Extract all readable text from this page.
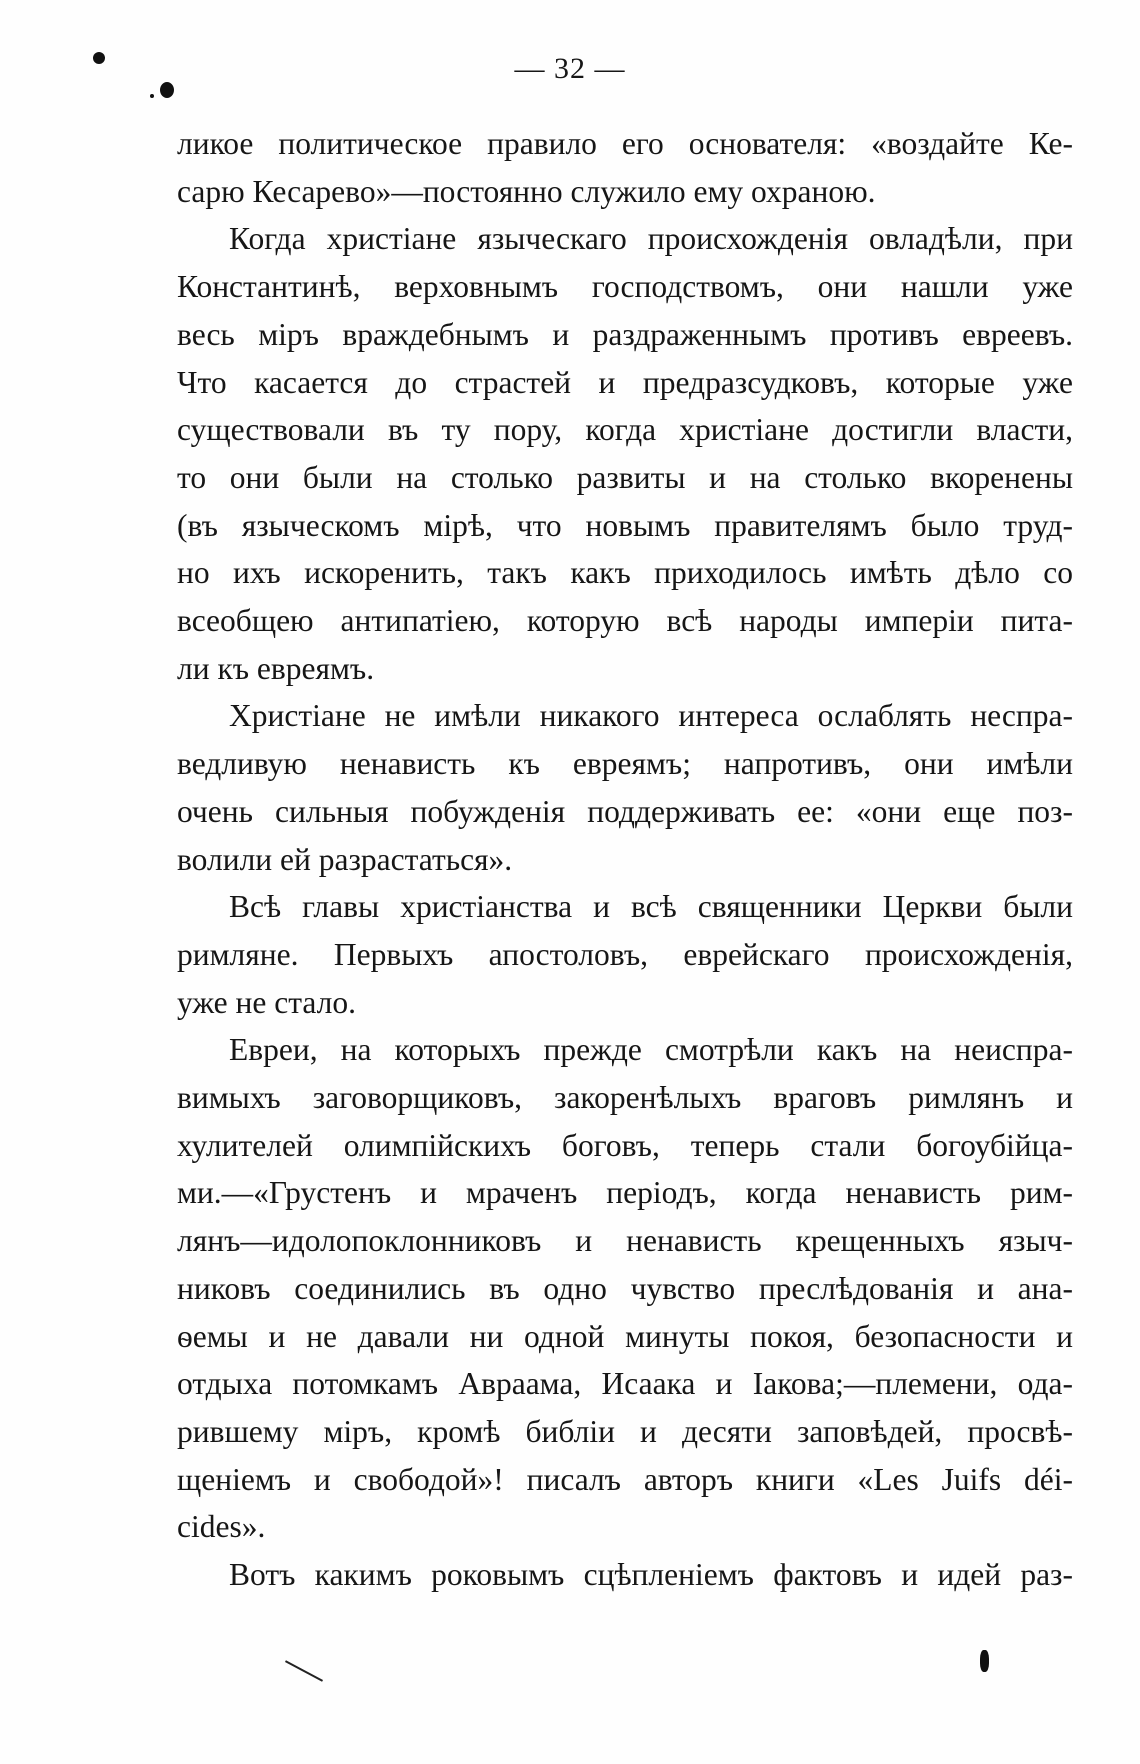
— 32 —
ликое политическое правило его основателя: «воздайте Ке-
сарю Кесарево»—постоянно служило ему охраною.
Когда христіане языческаго происхожденія овладѣли, при
Константинѣ, верховнымъ господствомъ, они нашли уже
весь міръ враждебнымъ и раздраженнымъ противъ евреевъ.
Что касается до страстей и предразсудковъ, которые уже
существовали въ ту пору, когда христіане достигли власти,
то они были на столько развиты и на столько вкоренены
(въ языческомъ мірѣ, что новымъ правителямъ было труд-
но ихъ искоренить, такъ какъ приходилось имѣть дѣло со
всеобщею антипатіею, которую всѣ народы имперіи пита-
ли къ евреямъ.
Христіане не имѣли никакого интереса ослаблять неспра-
ведливую ненависть къ евреямъ; напротивъ, они имѣли
очень сильныя побужденія поддерживать ее: «они еще поз-
волили ей разрастаться».
Всѣ главы христіанства и всѣ священники Церкви были
римляне. Первыхъ апостоловъ, еврейскаго происхожденія,
уже не стало.
Евреи, на которыхъ прежде смотрѣли какъ на неиспра-
вимыхъ заговорщиковъ, закоренѣлыхъ враговъ римлянъ и
хулителей олимпійскихъ боговъ, теперь стали богоубійца-
ми.—«Грустенъ и мраченъ періодъ, когда ненависть рим-
лянъ—идолопоклонниковъ и ненависть крещенныхъ языч-
никовъ соединились въ одно чувство преслѣдованія и ана-
ѳемы и не давали ни одной минуты покоя, безопасности и
отдыха потомкамъ Авраама, Исаака и Іакова;—племени, ода-
рившему міръ, кромѣ библіи и десяти заповѣдей, просвѣ-
щеніемъ и свободой»! писалъ авторъ книги «Les Juifs déi-
cides».
Вотъ какимъ роковымъ сцѣпленіемъ фактовъ и идей раз-
